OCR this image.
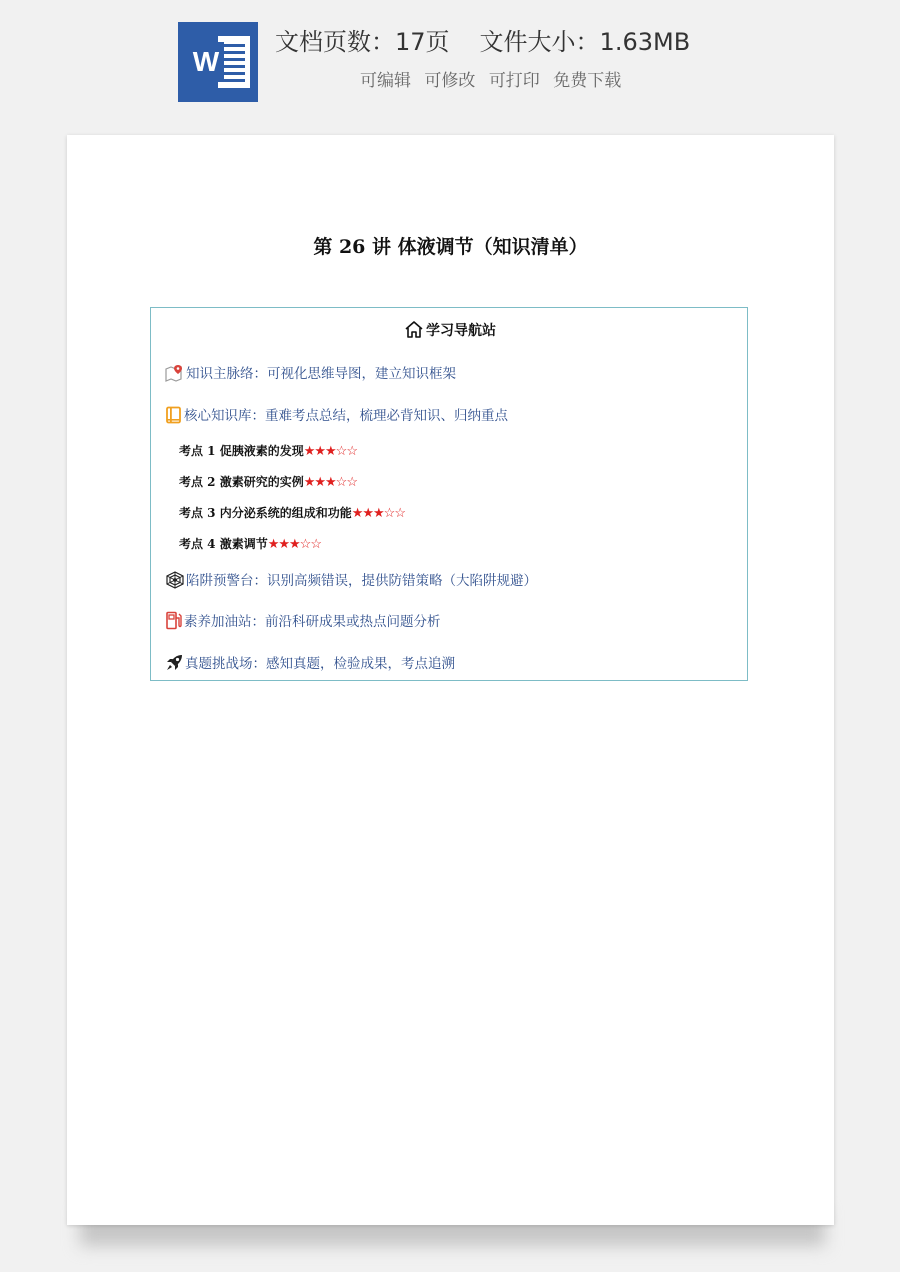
W
文档页数：17页 文件大小：1.63MB
可编辑 可修改 可打印 免费下载
第 26 讲 体液调节（知识清单）
学习导航站
知识主脉络：可视化思维导图，建立知识框架
核心知识库：重难考点总结，梳理必背知识、归纳重点
考点 1 促胰液素的发现★★★☆☆
考点 2 激素研究的实例★★★☆☆
考点 3 内分泌系统的组成和功能★★★☆☆
考点 4 激素调节★★★☆☆
陷阱预警台：识别高频错误，提供防错策略（大陷阱规避）
素养加油站：前沿科研成果或热点问题分析
真题挑战场：感知真题，检验成果，考点追溯
